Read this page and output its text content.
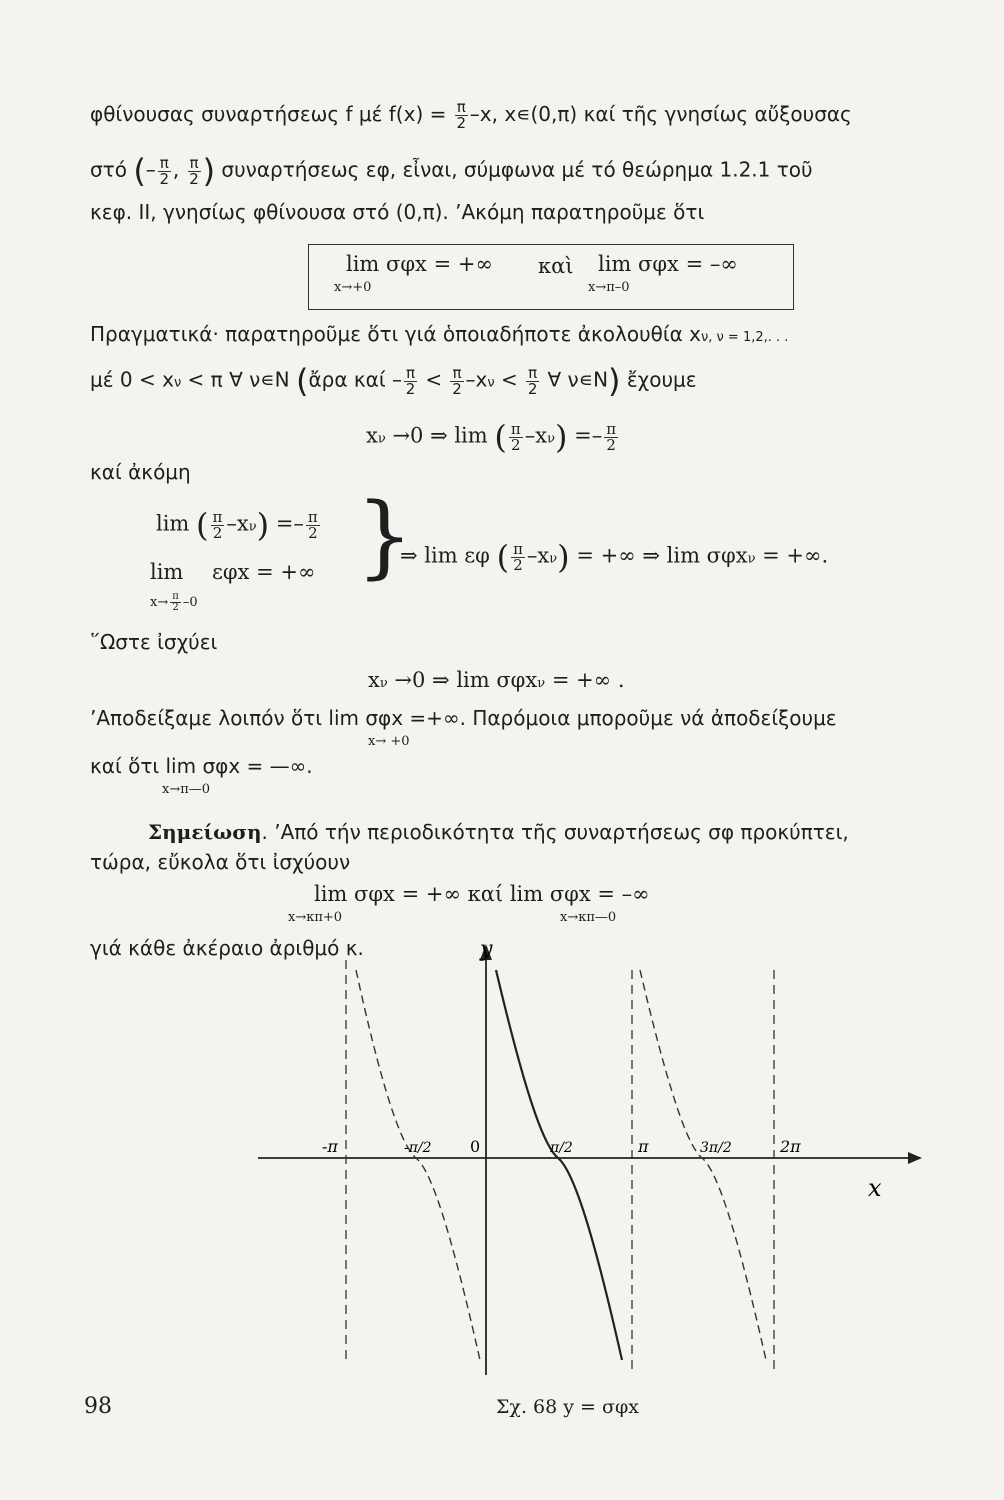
φθίνουσας συναρτήσεως f μέ $f(x) = \frac{\pi}{2} -x$, x∊(0,π) καί τῆς γνησίως αὔξουσας
στό (– $\frac{\pi}{2}$ , $\frac{\pi}{2}$ ) συναρτήσεως εφ, εἶναι, σύμφωνα μέ τό θεώρημα 1.2.1 τοῦ
κεφ. ΙΙ, γνησίως φθίνουσα στό (0,π). ’Ακόμη παρατηροῦμε ὅτι
lim σφx = +∞
x→+0
καὶ lim σφx = –∞
x→π–0
Πραγματικά· παρατηροῦμε ὅτι γιά ὁποιαδήποτε ἀκολουθία xν, ν = 1,2,. . .
μέ 0 < xν < π ∀ ν∊N (ἄρα $\kappa\alpha ί - \frac{\pi}{2} < \frac{\pi}{2} -x\nu < \frac{\pi}{2}$ ∀ ν∊N) ἔχουμε
xν →0 ⇒ lim ( $\frac{\pi}{2} -x\nu) =- \frac{\pi}{2}$
καί ἀκόμη
lim ( $\frac{\pi}{2} -x\nu) =- \frac{\pi}{2}$
lim εφx = +∞
$x\to \frac{\pi}{2} -0$
}
⇒ lim εφ ( $\frac{\pi}{2} -x\nu$) = +∞ ⇒ lim σφxν = +∞.
῞Ωστε ἰσχύει
xν →0 ⇒ lim σφxν = +∞ .
’Αποδείξαμε λοιπόν ὅτι lim σφx =+∞. Παρόμοια μποροῦμε νά ἀποδείξουμε
x→ +0
καί ὅτι lim σφx = —∞.
x→π—0
Σημείωση. ’Από τήν περιοδικότητα τῆς συναρτήσεως σφ προκύπτει,
τώρα, εὔκολα ὅτι ἰσχύουν
lim σφx = +∞ καί lim σφx = –∞
x→κπ+0	x→κπ—0
γιά κάθε ἀκέραιο ἀριθμό κ.	y
x
0
-π	-π/2	π/2	π	3π/2	2π
98	Σχ. 68 y = σφx
